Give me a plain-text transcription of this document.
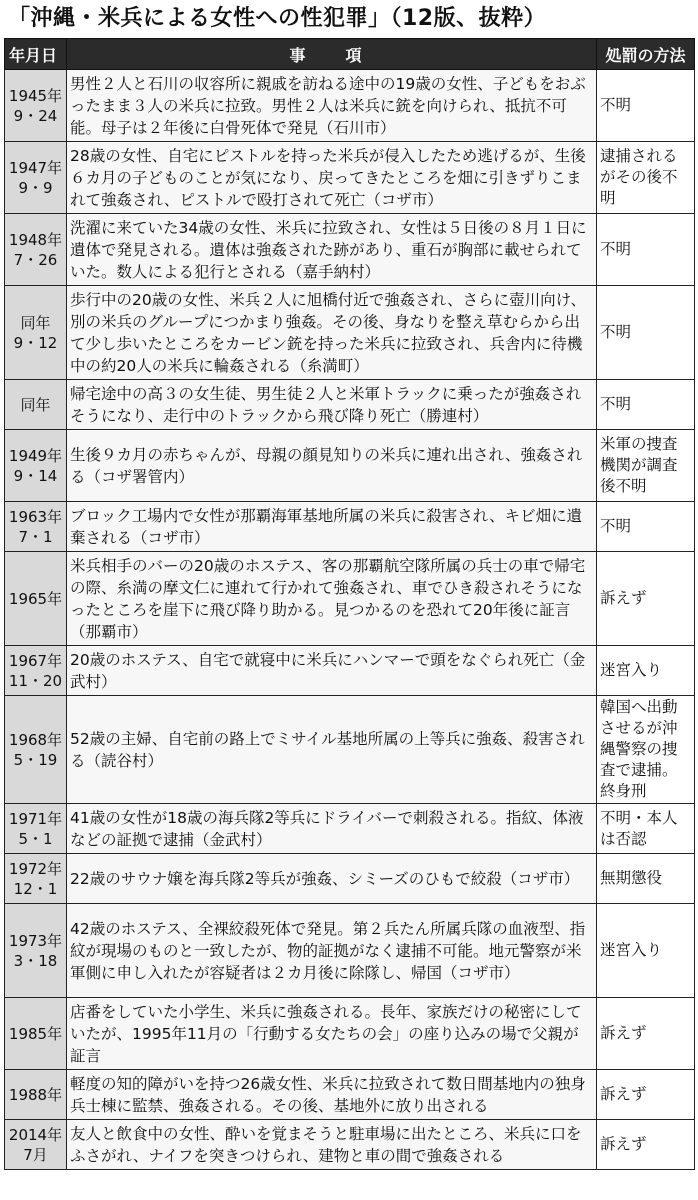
「沖縄・米兵による女性への性犯罪」（12版、抜粋）
年月日	事　項	処罰の方法

1945年
9・24	男性２人と石川の収容所に親戚を訪ねる途中の19歳の女性、子どもをおぶったまま３人の米兵に拉致。男性２人は米兵に銃を向けられ、抵抗不可能。母子は２年後に白骨死体で発見（石川市）	不明

1947年
9・9	28歳の女性、自宅にピストルを持った米兵が侵入したため逃げるが、生後６カ月の子どものことが気になり、戻ってきたところを畑に引きずりこまれて強姦され、ピストルで殴打されて死亡（コザ市）	逮捕されるがその後不明

1948年
7・26	洗濯に来ていた34歳の女性、米兵に拉致され、女性は５日後の８月１日に遺体で発見される。遺体は強姦された跡があり、重石が胸部に載せられていた。数人による犯行とされる（嘉手納村）	不明

同年
9・12	歩行中の20歳の女性、米兵２人に旭橋付近で強姦され、さらに壺川向け、別の米兵のグループにつかまり強姦。その後、身なりを整え草むらから出て少し歩いたところをカービン銃を持った米兵に拉致され、兵舎内に待機中の約20人の米兵に輪姦される（糸満町）	不明

同年	帰宅途中の高３の女生徒、男生徒２人と米軍トラックに乗ったが強姦されそうになり、走行中のトラックから飛び降り死亡（勝連村）	不明

1949年
9・14	生後９カ月の赤ちゃんが、母親の顔見知りの米兵に連れ出され、強姦される（コザ署管内）	米軍の捜査機関が調査後不明

1963年
7・1	ブロック工場内で女性が那覇海軍基地所属の米兵に殺害され、キビ畑に遺棄される（コザ市）	不明

1965年	米兵相手のバーの20歳のホステス、客の那覇航空隊所属の兵士の車で帰宅の際、糸満の摩文仁に連れて行かれて強姦され、車でひき殺されそうになったところを崖下に飛び降り助かる。見つかるのを恐れて20年後に証言（那覇市）	訴えず

1967年
11・20	20歳のホステス、自宅で就寝中に米兵にハンマーで頭をなぐられ死亡（金武村）	迷宮入り

1968年
5・19	52歳の主婦、自宅前の路上でミサイル基地所属の上等兵に強姦、殺害される（読谷村）	韓国へ出動させるが沖縄警察の捜査で逮捕。終身刑

1971年
5・1	41歳の女性が18歳の海兵隊2等兵にドライバーで刺殺される。指紋、体液などの証拠で逮捕（金武村）	不明・本人は否認

1972年
12・1	22歳のサウナ嬢を海兵隊2等兵が強姦、シミーズのひもで絞殺（コザ市）	無期懲役

1973年
3・18	42歳のホステス、全裸絞殺死体で発見。第２兵たん所属兵隊の血液型、指紋が現場のものと一致したが、物的証拠がなく逮捕不可能。地元警察が米軍側に申し入れたが容疑者は２カ月後に除隊し、帰国（コザ市）	迷宮入り

1985年	店番をしていた小学生、米兵に強姦される。長年、家族だけの秘密にしていたが、1995年11月の「行動する女たちの会」の座り込みの場で父親が証言	訴えず

1988年	軽度の知的障がいを持つ26歳女性、米兵に拉致されて数日間基地内の独身兵士棟に監禁、強姦される。その後、基地外に放り出される	訴えず

2014年
7月	友人と飲食中の女性、酔いを覚まそうと駐車場に出たところ、米兵に口をふさがれ、ナイフを突きつけられ、建物と車の間で強姦される	訴えず
